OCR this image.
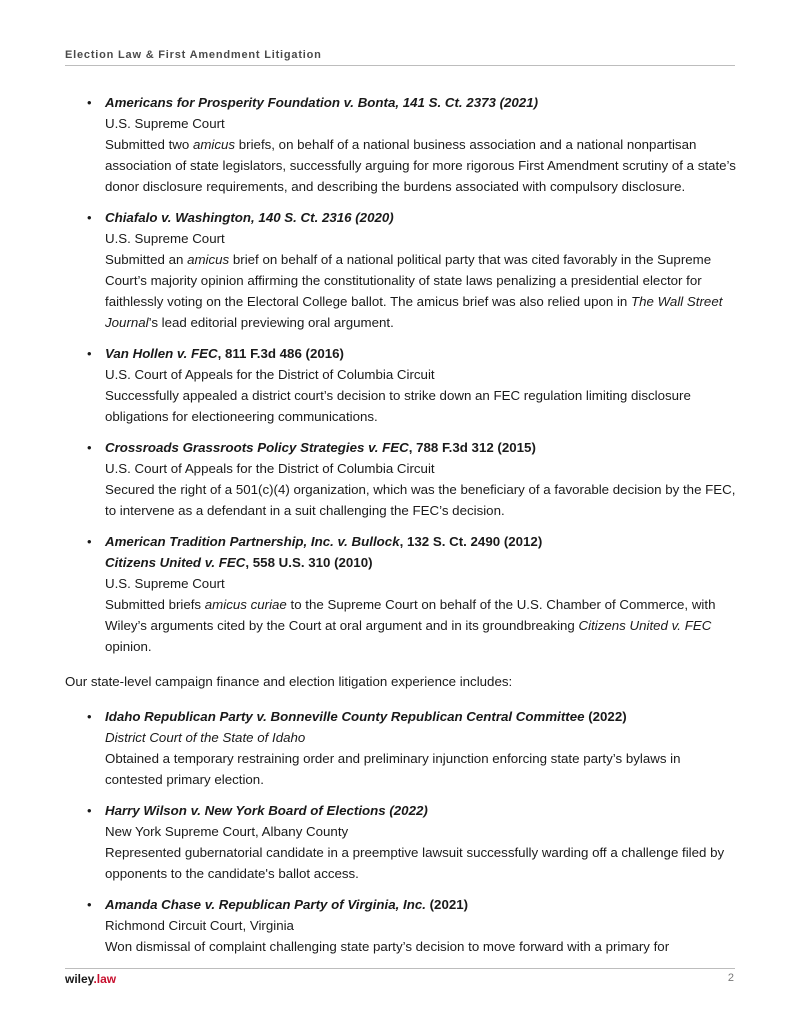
Election Law & First Amendment Litigation
• Americans for Prosperity Foundation v. Bonta, 141 S. Ct. 2373 (2021)
U.S. Supreme Court
Submitted two amicus briefs, on behalf of a national business association and a national nonpartisan association of state legislators, successfully arguing for more rigorous First Amendment scrutiny of a state’s donor disclosure requirements, and describing the burdens associated with compulsory disclosure.
• Chiafalo v. Washington, 140 S. Ct. 2316 (2020)
U.S. Supreme Court
Submitted an amicus brief on behalf of a national political party that was cited favorably in the Supreme Court’s majority opinion affirming the constitutionality of state laws penalizing a presidential elector for faithlessly voting on the Electoral College ballot. The amicus brief was also relied upon in The Wall Street Journal’s lead editorial previewing oral argument.
• Van Hollen v. FEC, 811 F.3d 486 (2016)
U.S. Court of Appeals for the District of Columbia Circuit
Successfully appealed a district court’s decision to strike down an FEC regulation limiting disclosure obligations for electioneering communications.
• Crossroads Grassroots Policy Strategies v. FEC, 788 F.3d 312 (2015)
U.S. Court of Appeals for the District of Columbia Circuit
Secured the right of a 501(c)(4) organization, which was the beneficiary of a favorable decision by the FEC, to intervene as a defendant in a suit challenging the FEC’s decision.
• American Tradition Partnership, Inc. v. Bullock, 132 S. Ct. 2490 (2012)
Citizens United v. FEC, 558 U.S. 310 (2010)
U.S. Supreme Court
Submitted briefs amicus curiae to the Supreme Court on behalf of the U.S. Chamber of Commerce, with Wiley’s arguments cited by the Court at oral argument and in its groundbreaking Citizens United v. FEC opinion.

Our state-level campaign finance and election litigation experience includes:

• Idaho Republican Party v. Bonneville County Republican Central Committee (2022)
District Court of the State of Idaho
Obtained a temporary restraining order and preliminary injunction enforcing state party’s bylaws in contested primary election.
• Harry Wilson v. New York Board of Elections (2022)
New York Supreme Court, Albany County
Represented gubernatorial candidate in a preemptive lawsuit successfully warding off a challenge filed by opponents to the candidate's ballot access.
• Amanda Chase v. Republican Party of Virginia, Inc. (2021)
Richmond Circuit Court, Virginia
Won dismissal of complaint challenging state party’s decision to move forward with a primary for
wiley.law	2
